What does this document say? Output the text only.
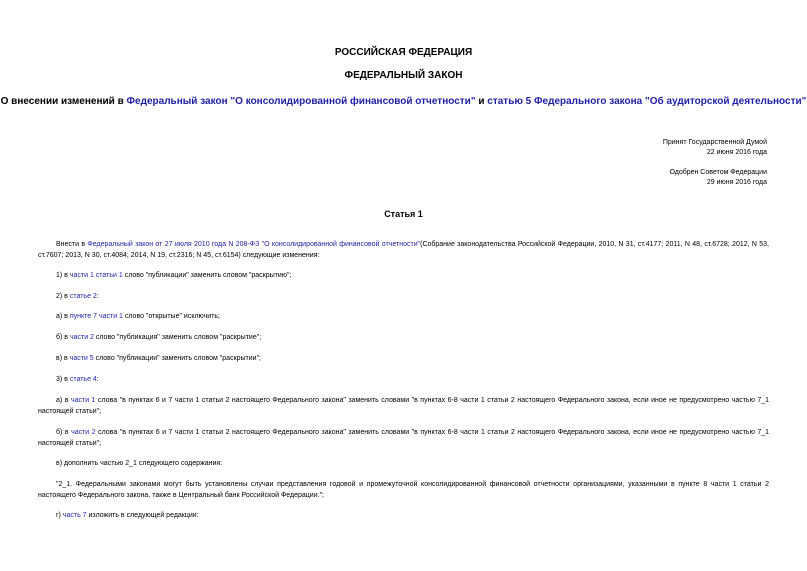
РОССИЙСКАЯ ФЕДЕРАЦИЯ
ФЕДЕРАЛЬНЫЙ ЗАКОН
О внесении изменений в Федеральный закон "О консолидированной финансовой отчетности" и статью 5 Федерального закона "Об аудиторской деятельности"
Принят Государственной Думой
22 июня 2016 года
Одобрен Советом Федерации
29 июня 2016 года
Статья 1
Внести в Федеральный закон от 27 июля 2010 года N 208-ФЗ "О консолидированной финансовой отчетности"(Собрание законодательства Российской Федерации, 2010, N 31, ст.4177; 2011, N 48, ст.6728; 2012, N 53, ст.7607; 2013, N 30, ст.4084; 2014, N 19, ст.2316; N 45, ст.6154) следующие изменения:
1) в части 1 статьи 1 слово "публикации" заменить словом "раскрытию";
2) в статье 2:
а) в пункте 7 части 1 слово "открытые" исключить;
б) в части 2 слово "публикация" заменить словом "раскрытие";
в) в части 5 слово "публикации" заменить словом "раскрытии";
3) в статье 4:
а) в части 1 слова "в пунктах 6 и 7 части 1 статьи 2 настоящего Федерального закона" заменить словами "в пунктах 6-8 части 1 статьи 2 настоящего Федерального закона, если иное не предусмотрено частью 7_1 настоящей статьи";
б) в части 2 слова "в пунктах 6 и 7 части 1 статьи 2 настоящего Федерального закона" заменить словами "в пунктах 6-8 части 1 статьи 2 настоящего Федерального закона, если иное не предусмотрено частью 7_1 настоящей статьи";
в) дополнить частью 2_1 следующего содержания:
"2_1. Федеральными законами могут быть установлены случаи представления годовой и промежуточной консолидированной финансовой отчетности организациями, указанными в пункте 8 части 1 статьи 2 настоящего Федерального закона, также в Центральный банк Российской Федерации.";
г) часть 7 изложить в следующей редакции:
